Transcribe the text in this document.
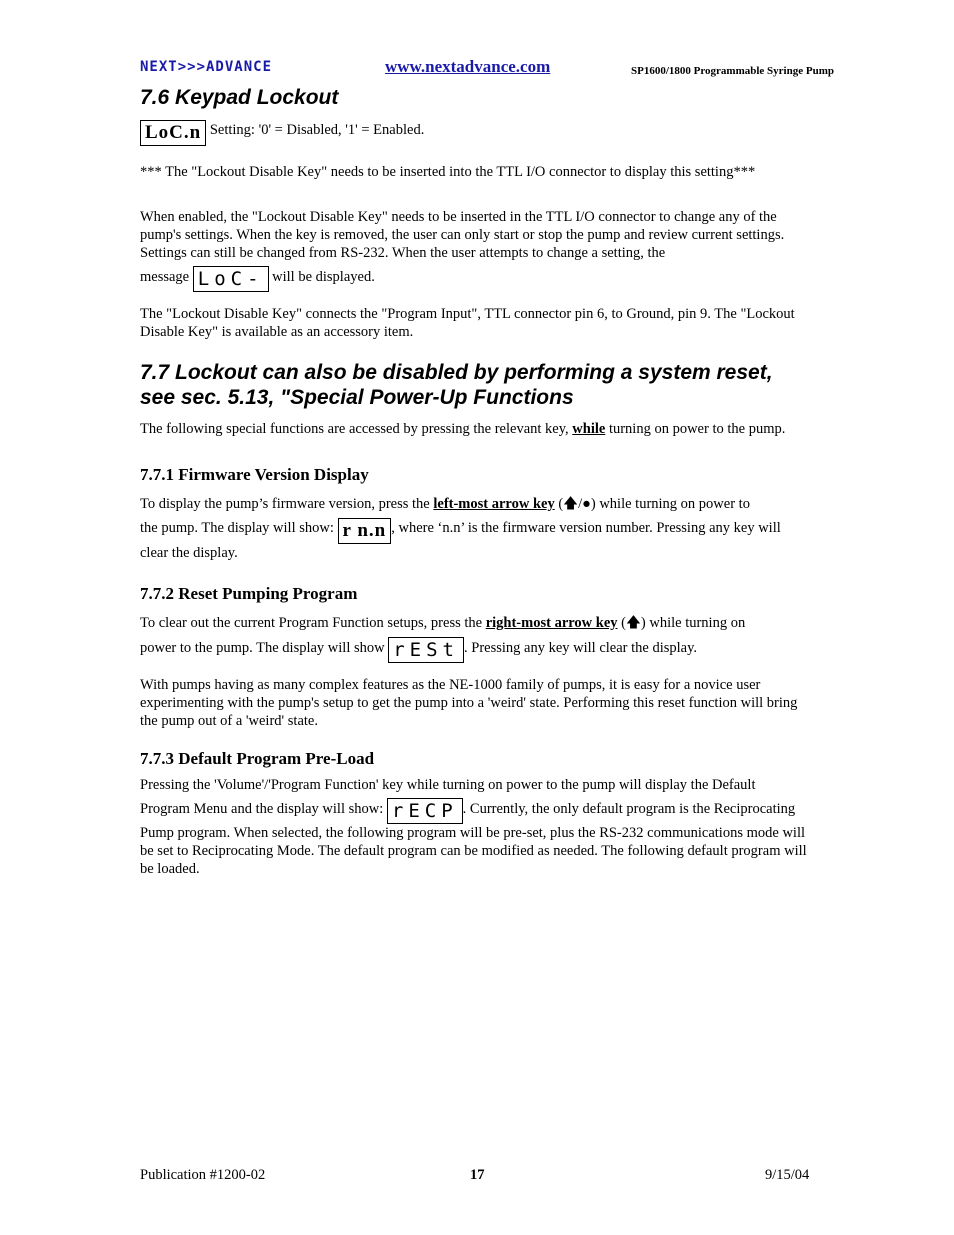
NEXT>>>ADVANCE	www.nextadvance.com	SP1600/1800 Programmable Syringe Pump
7.6 Keypad Lockout
LoC.n Setting: '0' = Disabled, '1' = Enabled.

*** The "Lockout Disable Key" needs to be inserted into the TTL I/O connector to display this setting***

When enabled, the "Lockout Disable Key" needs to be inserted in the TTL I/O connector to change any of the pump's settings. When the key is removed, the user can only start or stop the pump and review current settings. Settings can still be changed from RS-232. When the user attempts to change a setting, the

message LoC- will be displayed.

The "Lockout Disable Key" connects the "Program Input", TTL connector pin 6, to Ground, pin 9. The "Lockout Disable Key" is available as an accessory item.

7.7 Lockout can also be disabled by performing a system reset, see sec. 5.13, "Special Power-Up Functions

The following special functions are accessed by pressing the relevant key, while turning on power to the pump.

7.7.1 Firmware Version Display

To display the pump’s firmware version, press the left-most arrow key (🡅/●) while turning on power to

the pump. The display will show: r n.n , where ‘n.n’ is the firmware version number. Pressing any key will clear the display.

7.7.2 Reset Pumping Program

To clear out the current Program Function setups, press the right-most arrow key (🡅) while turning on

power to the pump. The display will show rESt . Pressing any key will clear the display.

With pumps having as many complex features as the NE-1000 family of pumps, it is easy for a novice user experimenting with the pump's setup to get the pump into a 'weird' state. Performing this reset function will bring the pump out of a 'weird' state.

7.7.3 Default Program Pre-Load

Pressing the 'Volume'/'Program Function' key while turning on power to the pump will display the Default

Program Menu and the display will show: rECP . Currently, the only default program is the Reciprocating Pump program. When selected, the following program will be pre-set, plus the RS-232 communications mode will be set to Reciprocating Mode. The default program can be modified as needed. The following default program will be loaded.

Publication #1200-02	17	9/15/04
